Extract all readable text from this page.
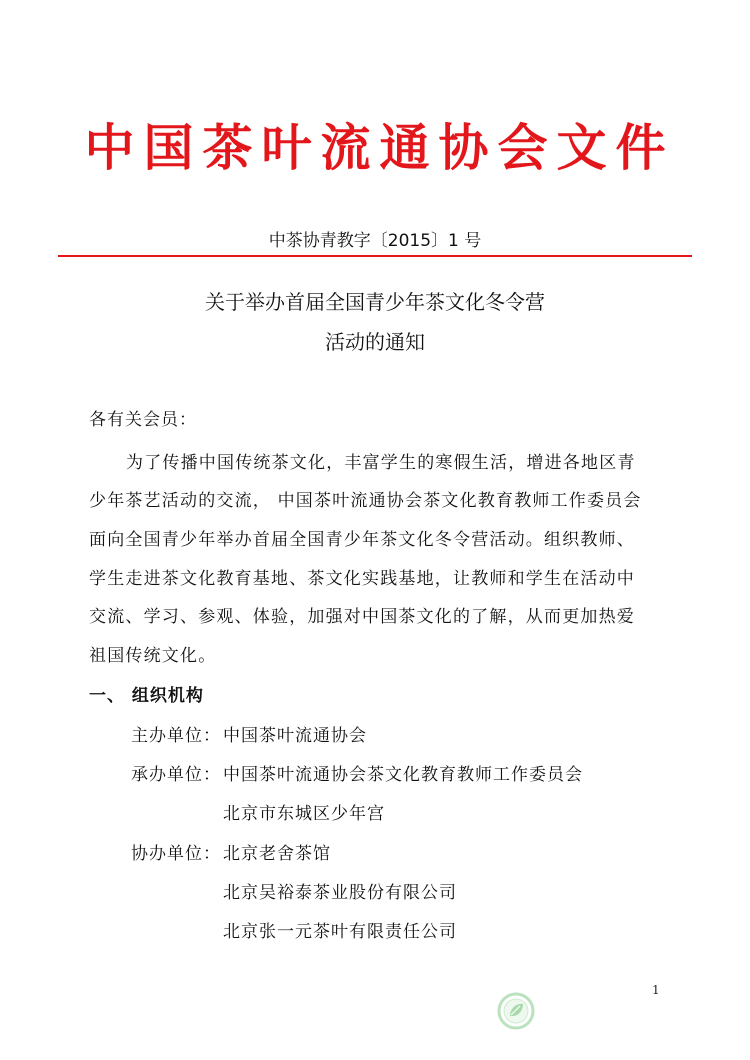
中国茶叶流通协会文件
中茶协青教字〔2015〕1 号
关于举办首届全国青少年茶文化冬令营
活动的通知
各有关会员：
为了传播中国传统茶文化，丰富学生的寒假生活，增进各地区青
少年茶艺活动的交流， 中国茶叶流通协会茶文化教育教师工作委员会
面向全国青少年举办首届全国青少年茶文化冬令营活动。组织教师、
学生走进茶文化教育基地、茶文化实践基地，让教师和学生在活动中
交流、学习、参观、体验，加强对中国茶文化的了解，从而更加热爱
祖国传统文化。
一、 组织机构
主办单位： 中国茶叶流通协会
承办单位： 中国茶叶流通协会茶文化教育教师工作委员会
北京市东城区少年宫
协办单位： 北京老舍茶馆
北京吴裕泰茶业股份有限公司
北京张一元茶叶有限责任公司
1
